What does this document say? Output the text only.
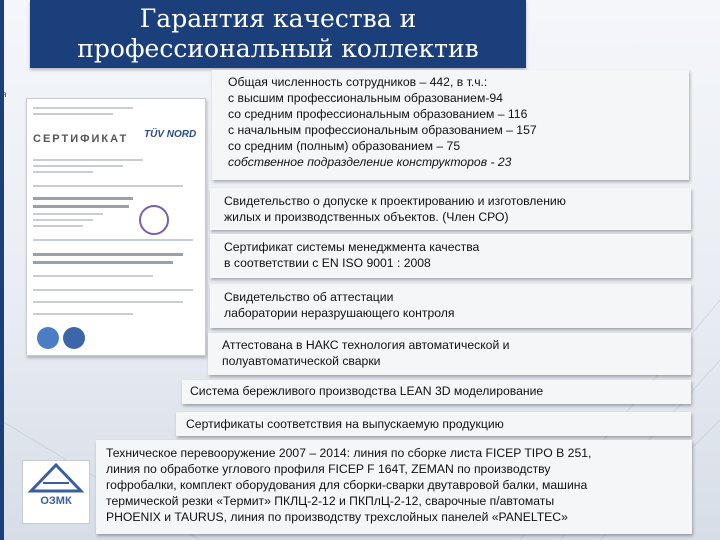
я
Гарантия качества и
профессиональный коллектив
СЕРТИФИКАТ TÜV NORD

Общая численность сотрудников – 442, в т.ч.:

с высшим профессиональным образованием-94

со средним профессиональным образованием – 116

с начальным профессиональным образованием – 157

со средним (полным) образованием – 75

собственное подразделение конструкторов - 23

Свидетельство о допуске к проектированию и изготовлению

жилых и производственных объектов. (Член СРО)

Сертификат системы менеджмента качества

в соответствии с EN ISO 9001 : 2008

Свидетельство об аттестации

лаборатории неразрушающего контроля

Аттестована в НАКС технология автоматической и

полуавтоматической сварки

Система бережливого производства LEAN 3D моделирование

Сертификаты соответствия на выпускаемую продукцию

Техническое перевооружение 2007 – 2014: линия по сборке листа FICEP TIPO B 251,

линия по обработке углового профиля FICEP F 164T, ZEMAN по производству

гофробалки, комплект оборудования для сборки-сварки двутавровой балки, машина

термической резки «Термит» ПКЛЦ-2-12 и ПКПлЦ-2-12, сварочные п/автоматы

PHOENIX и TAURUS, линия по производству трехслойных панелей «PANELTEC»

ОЗМК
